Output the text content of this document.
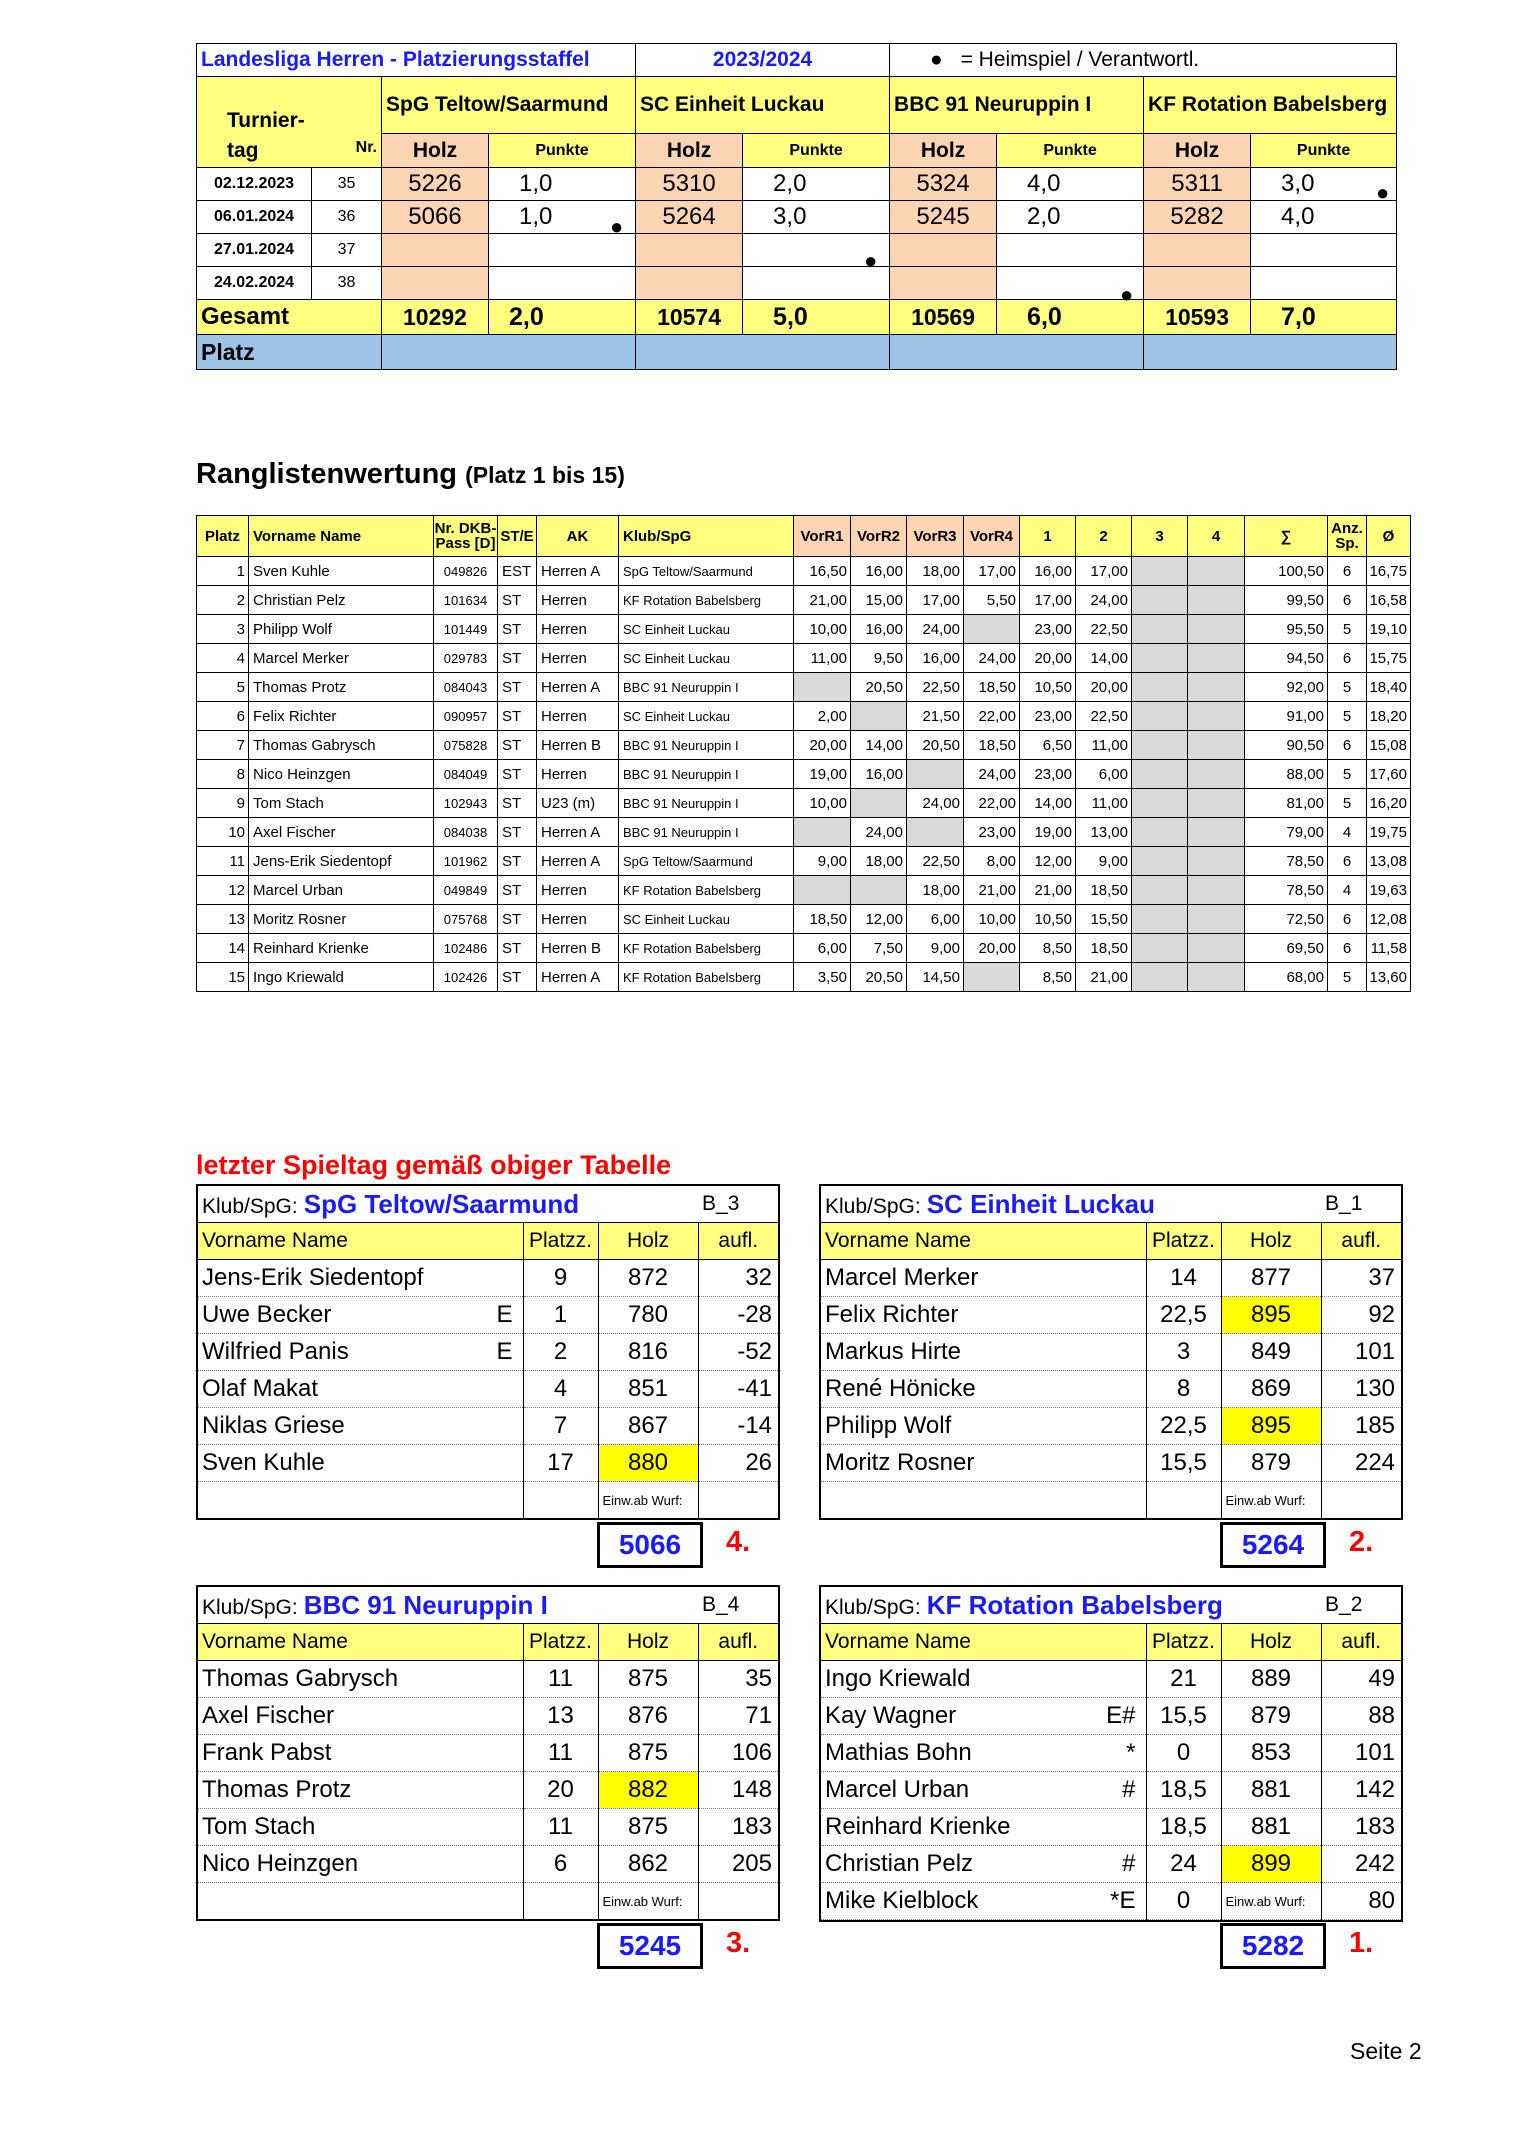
Landesliga Herren - Platzierungsstaffel				2023/2024		● = Heimspiel / Verantwortl.			

Turnier-
tag Nr.		SpG Teltow/Saarmund		SC Einheit Luckau		BBC 91 Neuruppin I		KF Rotation Babelsberg	
		Holz	Punkte	Holz	Punkte	Holz	Punkte	Holz	Punkte
02.12.2023	35	5226	1,0	5310	2,0	5324	4,0	5311	3,0
06.01.2024	36	5066	1,0	5264	3,0	5245	2,0	5282	4,0
27.01.2024	37								
24.02.2024	38								
Gesamt		10292	2,0	10574	5,0	10569	6,0	10593	7,0
Platz									
●
●
●
●
Ranglistenwertung (Platz 1 bis 15)
Platz	Vorname Name	Nr. DKB-Pass [D]	ST/E	AK	Klub/SpG	VorR1	VorR2	VorR3	VorR4	1	2	3	4	∑	Anz. Sp.	Ø
1	Sven Kuhle	049826	EST	Herren A	SpG Teltow/Saarmund	16,50	16,00	18,00	17,00	16,00	17,00			100,50	6	16,75
2	Christian Pelz	101634	ST	Herren	KF Rotation Babelsberg	21,00	15,00	17,00	5,50	17,00	24,00			99,50	6	16,58
3	Philipp Wolf	101449	ST	Herren	SC Einheit Luckau	10,00	16,00	24,00		23,00	22,50			95,50	5	19,10
4	Marcel Merker	029783	ST	Herren	SC Einheit Luckau	11,00	9,50	16,00	24,00	20,00	14,00			94,50	6	15,75
5	Thomas Protz	084043	ST	Herren A	BBC 91 Neuruppin I		20,50	22,50	18,50	10,50	20,00			92,00	5	18,40
6	Felix Richter	090957	ST	Herren	SC Einheit Luckau	2,00		21,50	22,00	23,00	22,50			91,00	5	18,20
7	Thomas Gabrysch	075828	ST	Herren B	BBC 91 Neuruppin I	20,00	14,00	20,50	18,50	6,50	11,00			90,50	6	15,08
8	Nico Heinzgen	084049	ST	Herren	BBC 91 Neuruppin I	19,00	16,00		24,00	23,00	6,00			88,00	5	17,60
9	Tom Stach	102943	ST	U23 (m)	BBC 91 Neuruppin I	10,00		24,00	22,00	14,00	11,00			81,00	5	16,20
10	Axel Fischer	084038	ST	Herren A	BBC 91 Neuruppin I		24,00		23,00	19,00	13,00			79,00	4	19,75
11	Jens-Erik Siedentopf	101962	ST	Herren A	SpG Teltow/Saarmund	9,00	18,00	22,50	8,00	12,00	9,00			78,50	6	13,08
12	Marcel Urban	049849	ST	Herren	KF Rotation Babelsberg			18,00	21,00	21,00	18,50			78,50	4	19,63
13	Moritz Rosner	075768	ST	Herren	SC Einheit Luckau	18,50	12,00	6,00	10,00	10,50	15,50			72,50	6	12,08
14	Reinhard Krienke	102486	ST	Herren B	KF Rotation Babelsberg	6,00	7,50	9,00	20,00	8,50	18,50			69,50	6	11,58
15	Ingo Kriewald	102426	ST	Herren A	KF Rotation Babelsberg	3,50	20,50	14,50		8,50	21,00			68,00	5	13,60
letzter Spieltag gemäß obiger Tabelle
Klub/SpG: SpG Teltow/Saarmund			B_3
Vorname Name	Platzz.	Holz	aufl.

Jens-Erik Siedentopf	9	872	32

Uwe Becker E	1	780	-28

Wilfried Panis E	2	816	-52

Olaf Makat	4	851	-41

Niklas Griese	7	867	-14

Sven Kuhle	17	880	26
		Einw.ab Wurf:	
5066	4.
Klub/SpG: SC Einheit Luckau			B_1
Vorname Name	Platzz.	Holz	aufl.

Marcel Merker	14	877	37

Felix Richter	22,5	895	92

Markus Hirte	3	849	101

René Hönicke	8	869	130

Philipp Wolf	22,5	895	185

Moritz Rosner	15,5	879	224
		Einw.ab Wurf:	
5264	2.
Klub/SpG: BBC 91 Neuruppin I			B_4
Vorname Name	Platzz.	Holz	aufl.

Thomas Gabrysch	11	875	35

Axel Fischer	13	876	71

Frank Pabst	11	875	106

Thomas Protz	20	882	148

Tom Stach	11	875	183

Nico Heinzgen	6	862	205
		Einw.ab Wurf:	
5245	3.
Klub/SpG: KF Rotation Babelsberg			B_2
Vorname Name	Platzz.	Holz	aufl.

Ingo Kriewald	21	889	49

Kay Wagner E#	15,5	879	88

Mathias Bohn *	0	853	101

Marcel Urban #	18,5	881	142

Reinhard Krienke	18,5	881	183

Christian Pelz #	24	899	242

Mike Kielblock *E	0	Einw.ab Wurf:	80
5282	1.
Seite 2
